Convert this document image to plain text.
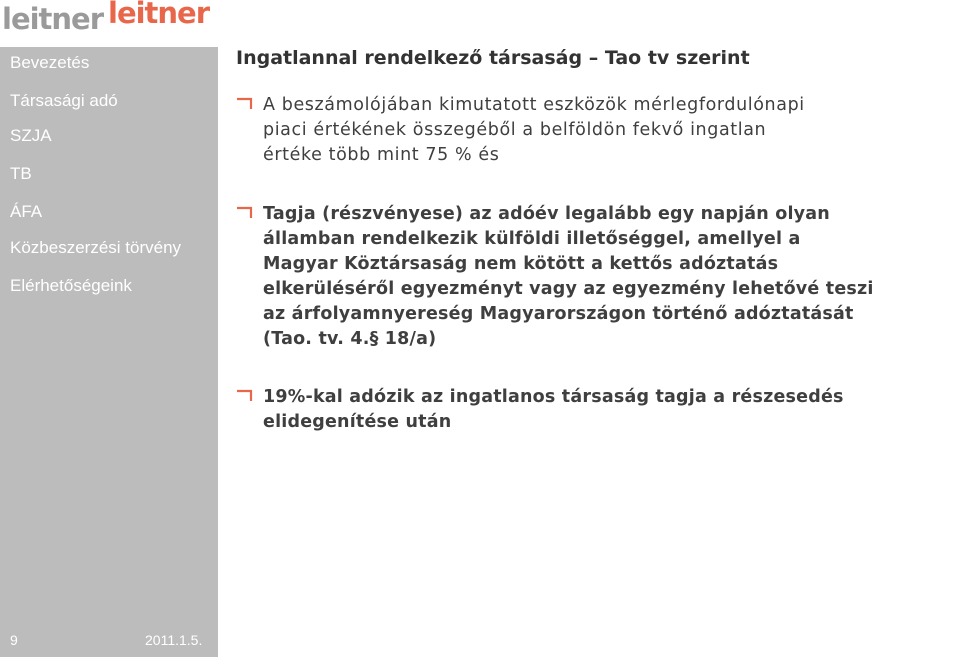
leitner leitner
Bevezetés
Társasági adó
SZJA
TB
ÁFA
Közbeszerzési törvény
Elérhetőségeink
9	2011.1.5.
Ingatlannal rendelkező társaság – Tao tv szerint
A beszámolójában kimutatott eszközök mérlegfordulónapi
piaci értékének összegéből a belföldön fekvő ingatlan
értéke több mint 75 % és
Tagja (részvényese) az adóév legalább egy napján olyan
államban rendelkezik külföldi illetőséggel, amellyel a
Magyar Köztársaság nem kötött a kettős adóztatás
elkerüléséről egyezményt vagy az egyezmény lehetővé teszi
az árfolyamnyereség Magyarországon történő adóztatását
(Tao. tv. 4.§ 18/a)
19%-kal adózik az ingatlanos társaság tagja a részesedés
elidegenítése után
